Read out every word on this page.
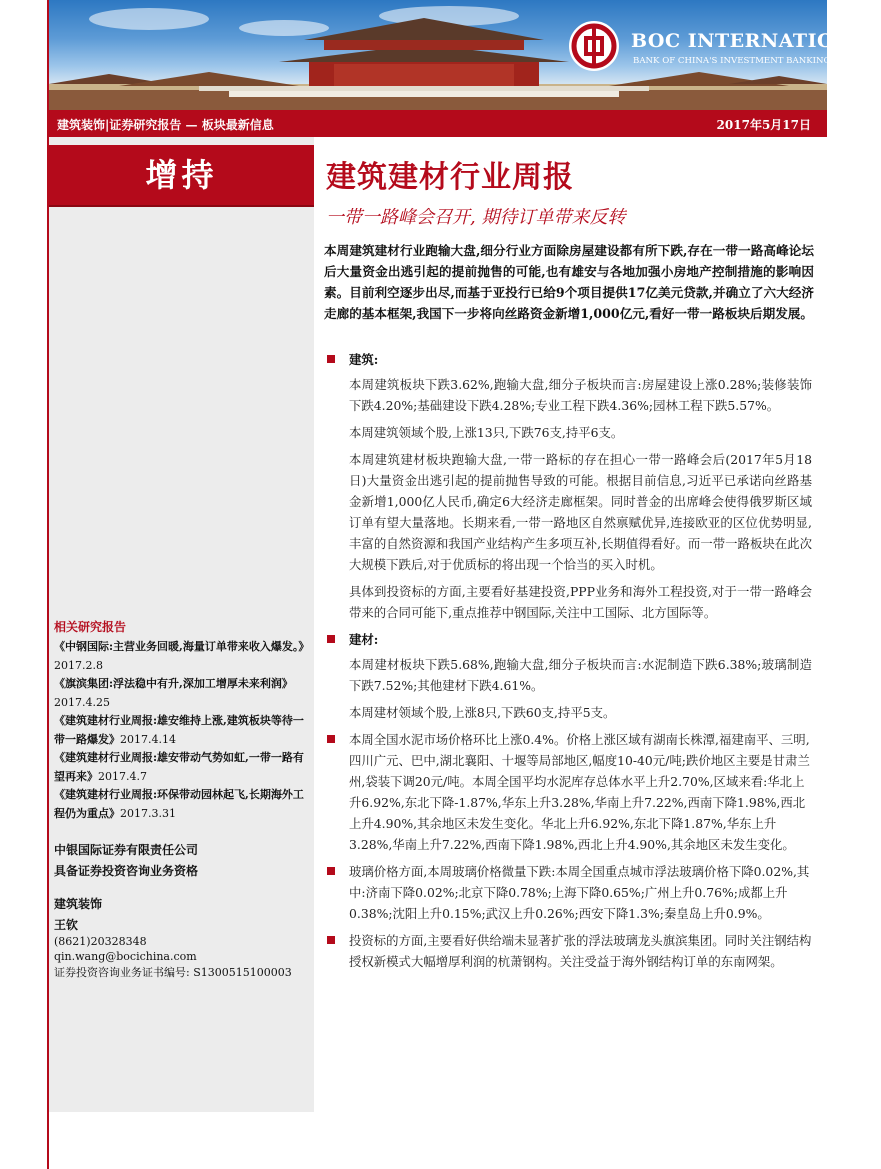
BOC INTERNATIONAL
BANK OF CHINA'S INVESTMENT BANKING GROUP
建筑装饰|证券研究报告 — 板块最新信息	2017年5月17日
增持	建筑建材行业周报
一带一路峰会召开, 期待订单带来反转
本周建筑建材行业跑输大盘,细分行业方面除房屋建设都有所下跌,存在一带一路高峰论坛后大量资金出逃引起的提前抛售的可能,也有雄安与各地加强小房地产控制措施的影响因素。目前利空逐步出尽,而基于亚投行已给9个项目提供17亿美元贷款,并确立了六大经济走廊的基本框架,我国下一步将向丝路资金新增1,000亿元,看好一带一路板块后期发展。
建筑:
本周建筑板块下跌3.62%,跑输大盘,细分子板块而言:房屋建设上涨0.28%;装修装饰下跌4.20%;基础建设下跌4.28%;专业工程下跌4.36%;园林工程下跌5.57%。
本周建筑领域个股,上涨13只,下跌76支,持平6支。
本周建筑建材板块跑输大盘,一带一路标的存在担心一带一路峰会后(2017年5月18日)大量资金出逃引起的提前抛售导致的可能。根据目前信息,习近平已承诺向丝路基金新增1,000亿人民币,确定6大经济走廊框架。同时普金的出席峰会使得俄罗斯区域订单有望大量落地。长期来看,一带一路地区自然禀赋优异,连接欧亚的区位优势明显,丰富的自然资源和我国产业结构产生多项互补,长期值得看好。而一带一路板块在此次大规模下跌后,对于优质标的将出现一个恰当的买入时机。
具体到投资标的方面,主要看好基建投资,PPP业务和海外工程投资,对于一带一路峰会带来的合同可能下,重点推荐中钢国际,关注中工国际、北方国际等。
建材:
本周建材板块下跌5.68%,跑输大盘,细分子板块而言:水泥制造下跌6.38%;玻璃制造下跌7.52%;其他建材下跌4.61%。
本周建材领域个股,上涨8只,下跌60支,持平5支。
本周全国水泥市场价格环比上涨0.4%。价格上涨区域有湖南长株潭,福建南平、三明,四川广元、巴中,湖北襄阳、十堰等局部地区,幅度10-40元/吨;跌价地区主要是甘肃兰州,袋装下调20元/吨。本周全国平均水泥库存总体水平上升2.70%,区域来看:华北上升6.92%,东北下降-1.87%,华东上升3.28%,华南上升7.22%,西南下降1.98%,西北上升4.90%,其余地区未发生变化。华北上升6.92%,东北下降1.87%,华东上升3.28%,华南上升7.22%,西南下降1.98%,西北上升4.90%,其余地区未发生变化。
玻璃价格方面,本周玻璃价格微量下跌:本周全国重点城市浮法玻璃价格下降0.02%,其中:济南下降0.02%;北京下降0.78%;上海下降0.65%;广州上升0.76%;成都上升0.38%;沈阳上升0.15%;武汉上升0.26%;西安下降1.3%;秦皇岛上升0.9%。
投资标的方面,主要看好供给端未显著扩张的浮法玻璃龙头旗滨集团。同时关注钢结构授权新模式大幅增厚利润的杭萧钢构。关注受益于海外钢结构订单的东南网架。
相关研究报告

《中钢国际:主营业务回暖,海量订单带来收入爆发。》2017.2.8

《旗滨集团:浮法稳中有升,深加工增厚未来利润》2017.4.25

《建筑建材行业周报:雄安维持上涨,建筑板块等待一带一路爆发》2017.4.14

《建筑建材行业周报:雄安带动气势如虹,一带一路有望再来》2017.4.7

《建筑建材行业周报:环保带动园林起飞,长期海外工程仍为重点》2017.3.31

中银国际证券有限责任公司
具备证券投资咨询业务资格
建筑装饰
王钦
(8621)20328348
qin.wang@bocichina.com
证券投资咨询业务证书编号: S1300515100003
